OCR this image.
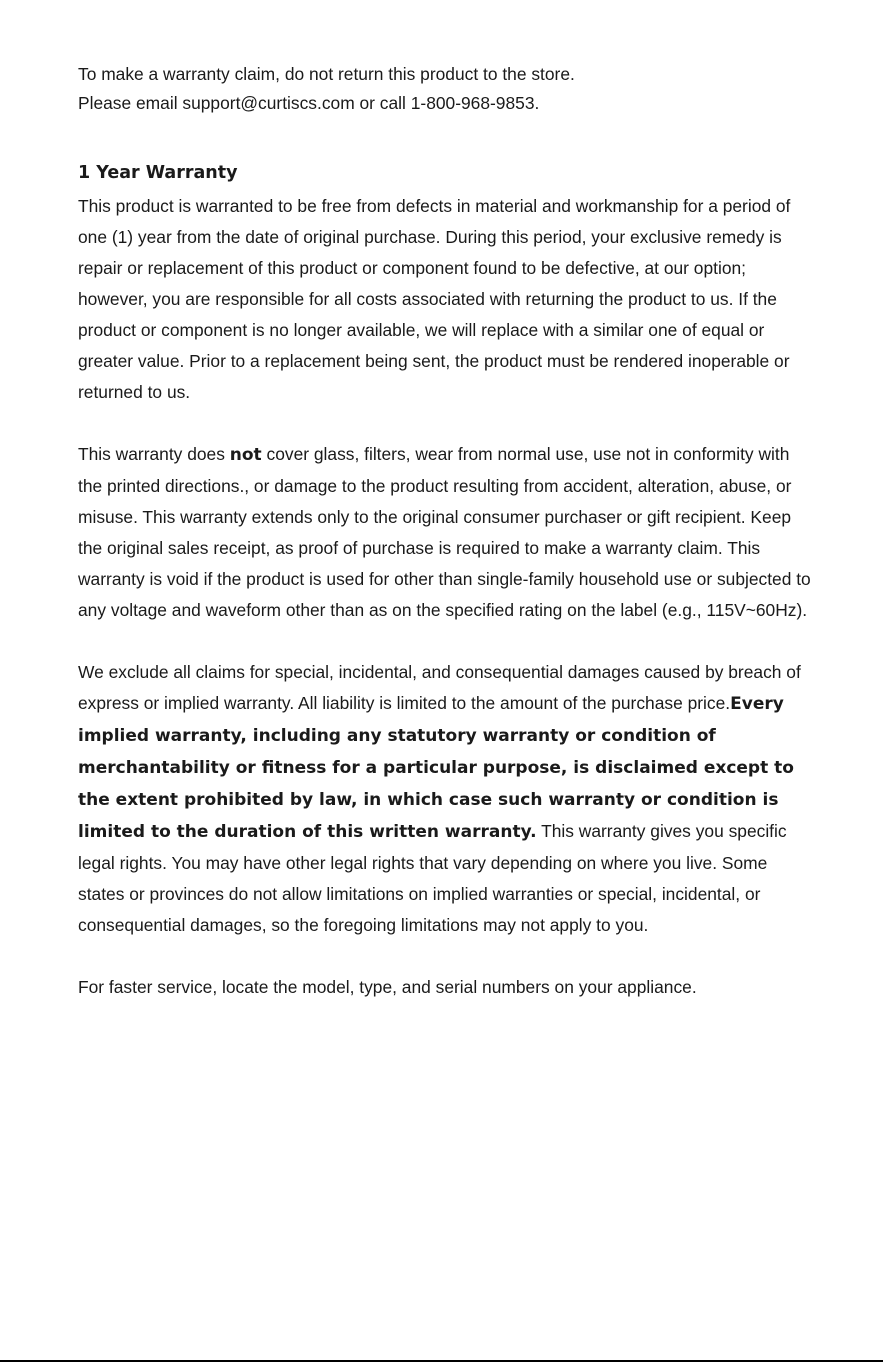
To make a warranty claim, do not return this product to the store.

Please email support@curtiscs.com or call 1-800-968-9853.

1 Year Warranty

This product is warranted to be free from defects in material and workmanship for a period of one (1) year from the date of original purchase. During this period, your exclusive remedy is repair or replacement of this product or component found to be defective, at our option; however, you are responsible for all costs associated with returning the product to us. If the product or component is no longer available, we will replace with a similar one of equal or greater value. Prior to a replacement being sent, the product must be rendered inoperable or returned to us.

This warranty does not cover glass, filters, wear from normal use, use not in conformity with the printed directions., or damage to the product resulting from accident, alteration, abuse, or misuse. This warranty extends only to the original consumer purchaser or gift recipient. Keep the original sales receipt, as proof of purchase is required to make a warranty claim. This warranty is void if the product is used for other than single-family household use or subjected to any voltage and waveform other than as on the specified rating on the label (e.g., 115V~60Hz).

We exclude all claims for special, incidental, and consequential damages caused by breach of express or implied warranty. All liability is limited to the amount of the purchase price.Every implied warranty, including any statutory warranty or condition of merchantability or fitness for a particular purpose, is disclaimed except to the extent prohibited by law, in which case such warranty or condition is limited to the duration of this written warranty. This warranty gives you specific legal rights. You may have other legal rights that vary depending on where you live. Some states or provinces do not allow limitations on implied warranties or special, incidental, or consequential damages, so the foregoing limitations may not apply to you.

For faster service, locate the model, type, and serial numbers on your appliance.
